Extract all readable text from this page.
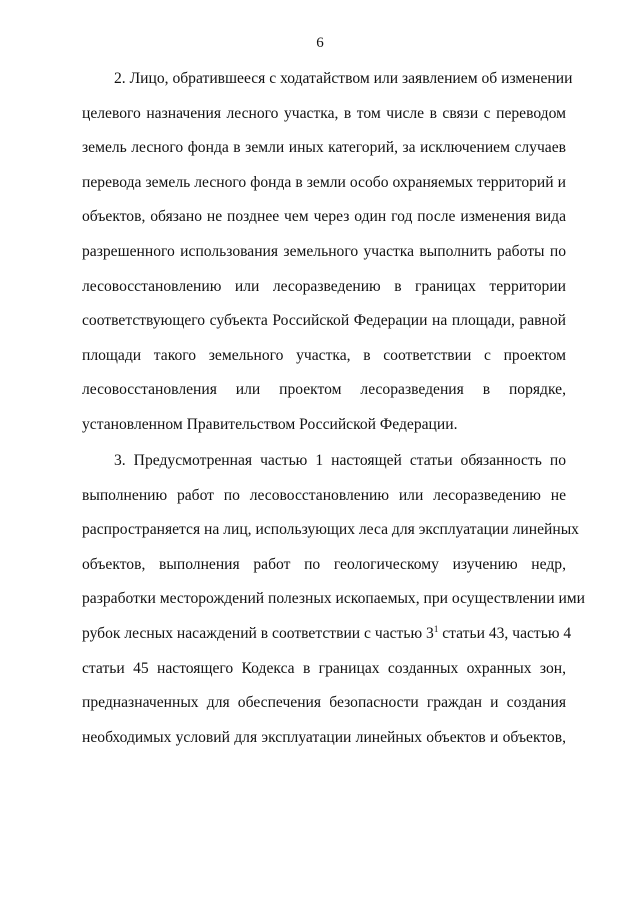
6
2. Лицо, обратившееся с ходатайством или заявлением об изменении
целевого назначения лесного участка, в том числе в связи с переводом
земель лесного фонда в земли иных категорий, за исключением случаев
перевода земель лесного фонда в земли особо охраняемых территорий и
объектов, обязано не позднее чем через один год после изменения вида
разрешенного использования земельного участка выполнить работы по
лесовосстановлению или лесоразведению в границах территории
соответствующего субъекта Российской Федерации на площади, равной
площади такого земельного участка, в соответствии с проектом
лесовосстановления или проектом лесоразведения в порядке,
установленном Правительством Российской Федерации.
3. Предусмотренная частью 1 настоящей статьи обязанность по
выполнению работ по лесовосстановлению или лесоразведению не
распространяется на лиц, использующих леса для эксплуатации линейных
объектов, выполнения работ по геологическому изучению недр,
разработки месторождений полезных ископаемых, при осуществлении ими
рубок лесных насаждений в соответствии с частью $3^1$ статьи 43, частью 4
статьи 45 настоящего Кодекса в границах созданных охранных зон,
предназначенных для обеспечения безопасности граждан и создания
необходимых условий для эксплуатации линейных объектов и объектов,
